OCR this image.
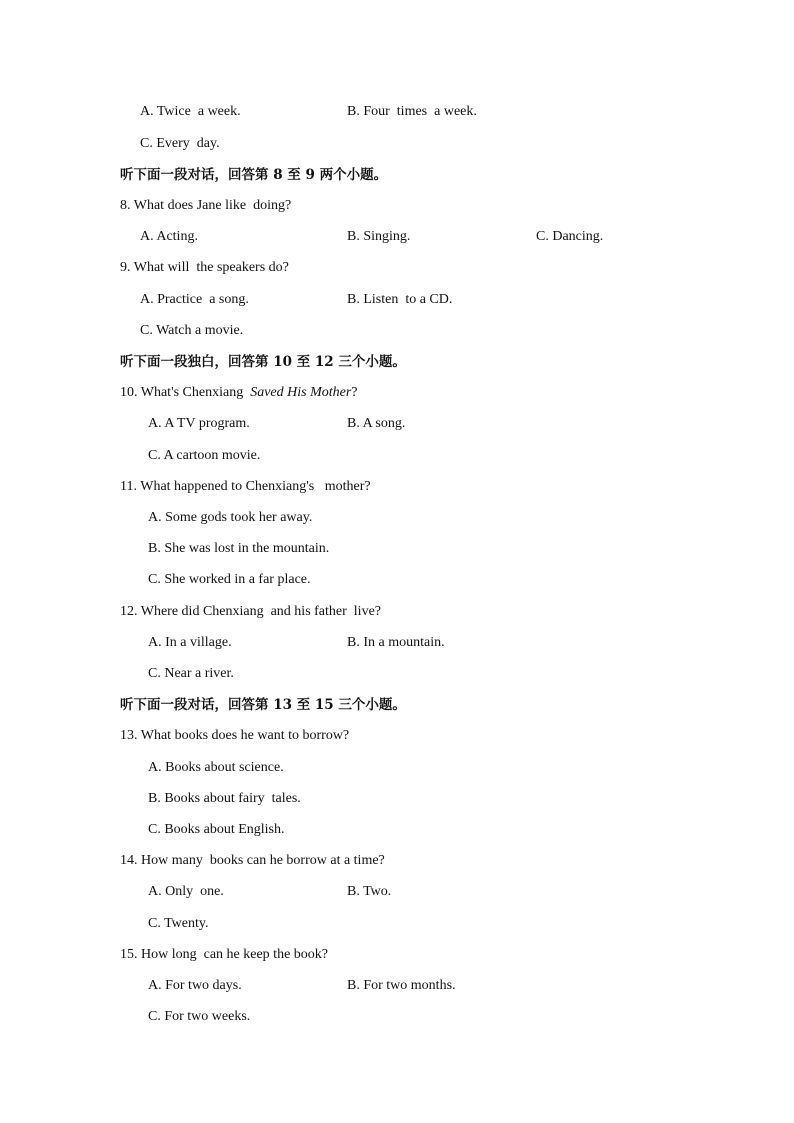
A. Twice  a week.	B. Four  times  a week.
C. Every  day.
听下面一段对话，回答第 8 至 9 两个小题。
8. What does Jane like  doing?
A. Acting.	B. Singing.	C. Dancing.
9. What will  the speakers do?
A. Practice  a song.	B. Listen  to a CD.
C. Watch a movie.
听下面一段独白，回答第 10 至 12 三个小题。
10. What's Chenxiang  Saved His Mother?
A. A TV program.	B. A song.
C. A cartoon movie.
11. What happened to Chenxiang's   mother?
A. Some gods took her away.
B. She was lost in the mountain.
C. She worked in a far place.
12. Where did Chenxiang  and his father  live?
A. In a village.	B. In a mountain.
C. Near a river.
听下面一段对话，回答第 13 至 15 三个小题。
13. What books does he want to borrow?
A. Books about science.
B. Books about fairy  tales.
C. Books about English.
14. How many  books can he borrow at a time?
A. Only  one.	B. Two.
C. Twenty.
15. How long  can he keep the book?
A. For two days.	B. For two months.
C. For two weeks.
